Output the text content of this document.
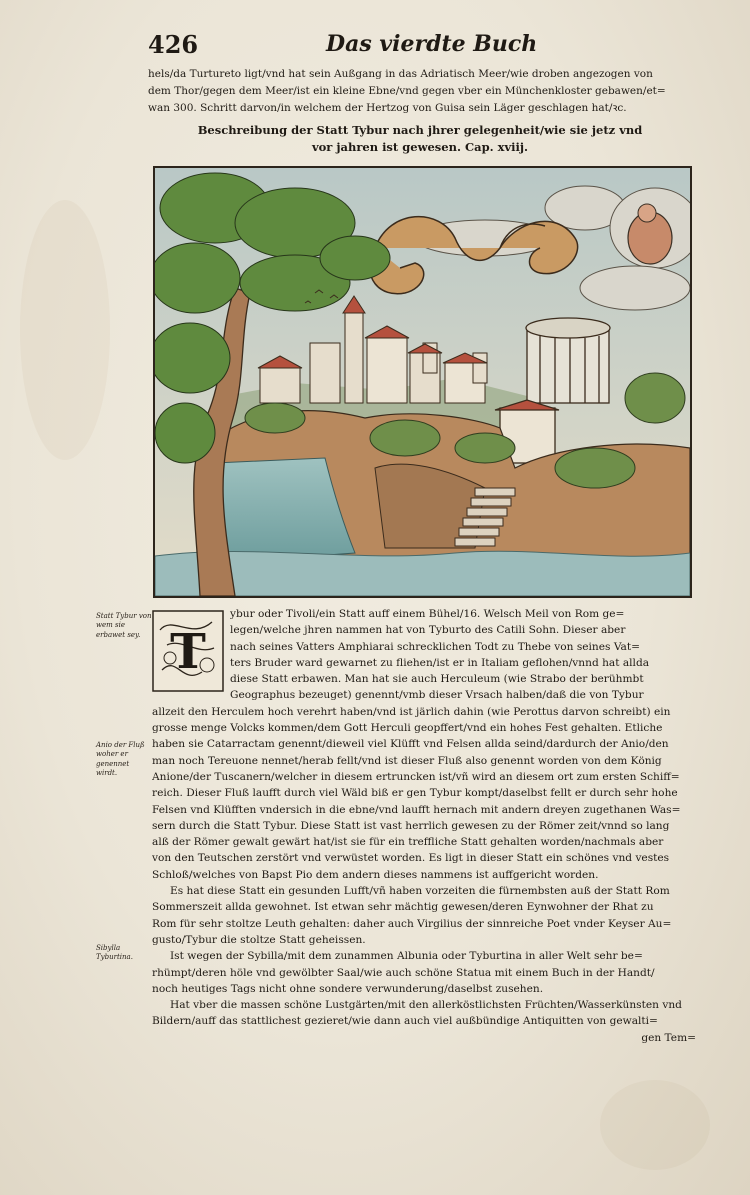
426	Das vierdte Buch
hels/da Turtureto ligt/vnd hat sein Außgang in das Adriatisch Meer/wie droben angezogen von
dem Thor/gegen dem Meer/ist ein kleine Ebne/vnd gegen vber ein Münchenkloster gebawen/et=
wan 300. Schritt darvon/in welchem der Hertzog von Guisa sein Läger geschlagen hat/ꝛc.
Beschreibung der Statt Tybur nach jhrer gelegenheit/wie sie jetz vnd
vor jahren ist gewesen. Cap. xviij.
Statt Tybur von wem sie erbawet sey.
Anio der Fluß woher er genennet wirdt.
Sibylla Tyburtina.
T
ybur oder Tivoli/ein Statt auff einem Bühel/16. Welsch Meil von Rom ge=
legen/welche jhren nammen hat von Tyburto des Catili Sohn. Dieser aber
nach seines Vatters Amphiarai schrecklichen Todt zu Thebe von seines Vat=
ters Bruder ward gewarnet zu fliehen/ist er in Italiam geflohen/vnnd hat allda
diese Statt erbawen. Man hat sie auch Herculeum (wie Strabo der berühmbt
Geographus bezeuget) genennt/vmb dieser Vrsach halben/daß die von Tybur
allzeit den Herculem hoch verehrt haben/vnd ist järlich dahin (wie Perottus darvon schreibt) ein
grosse menge Volcks kommen/dem Gott Herculi geopffert/vnd ein hohes Fest gehalten. Etliche
haben sie Catarractam genennt/dieweil viel Klüfft vnd Felsen allda seind/dardurch der Anio/den
man noch Tereuone nennet/herab fellt/vnd ist dieser Fluß also genennt worden von dem König
Anione/der Tuscanern/welcher in diesem ertruncken ist/vñ wird an diesem ort zum ersten Schiff=
reich. Dieser Fluß laufft durch viel Wäld biß er gen Tybur kompt/daselbst fellt er durch sehr hohe
Felsen vnd Klüfften vndersich in die ebne/vnd laufft hernach mit andern dreyen zugethanen Was=
sern durch die Statt Tybur. Diese Statt ist vast herrlich gewesen zu der Römer zeit/vnnd so lang
alß der Römer gewalt gewärt hat/ist sie für ein treffliche Statt gehalten worden/nachmals aber
von den Teutschen zerstört vnd verwüstet worden. Es ligt in dieser Statt ein schönes vnd vestes
Schloß/welches von Bapst Pio dem andern dieses nammens ist auffgericht worden.
Es hat diese Statt ein gesunden Lufft/vñ haben vorzeiten die fürnembsten auß der Statt Rom
Sommerszeit allda gewohnet. Ist etwan sehr mächtig gewesen/deren Eynwohner der Rhat zu
Rom für sehr stoltze Leuth gehalten: daher auch Virgilius der sinnreiche Poet vnder Keyser Au=
gusto/Tybur die stoltze Statt geheissen.
Ist wegen der Sybilla/mit dem zunammen Albunia oder Tyburtina in aller Welt sehr be=
rhümpt/deren höle vnd gewölbter Saal/wie auch schöne Statua mit einem Buch in der Handt/
noch heutiges Tags nicht ohne sondere verwunderung/daselbst zusehen.
Hat vber die massen schöne Lustgärten/mit den allerköstlichsten Früchten/Wasserkünsten vnd
Bildern/auff das stattlichest gezieret/wie dann auch viel außbündige Antiquitten von gewalti=
gen Tem=
